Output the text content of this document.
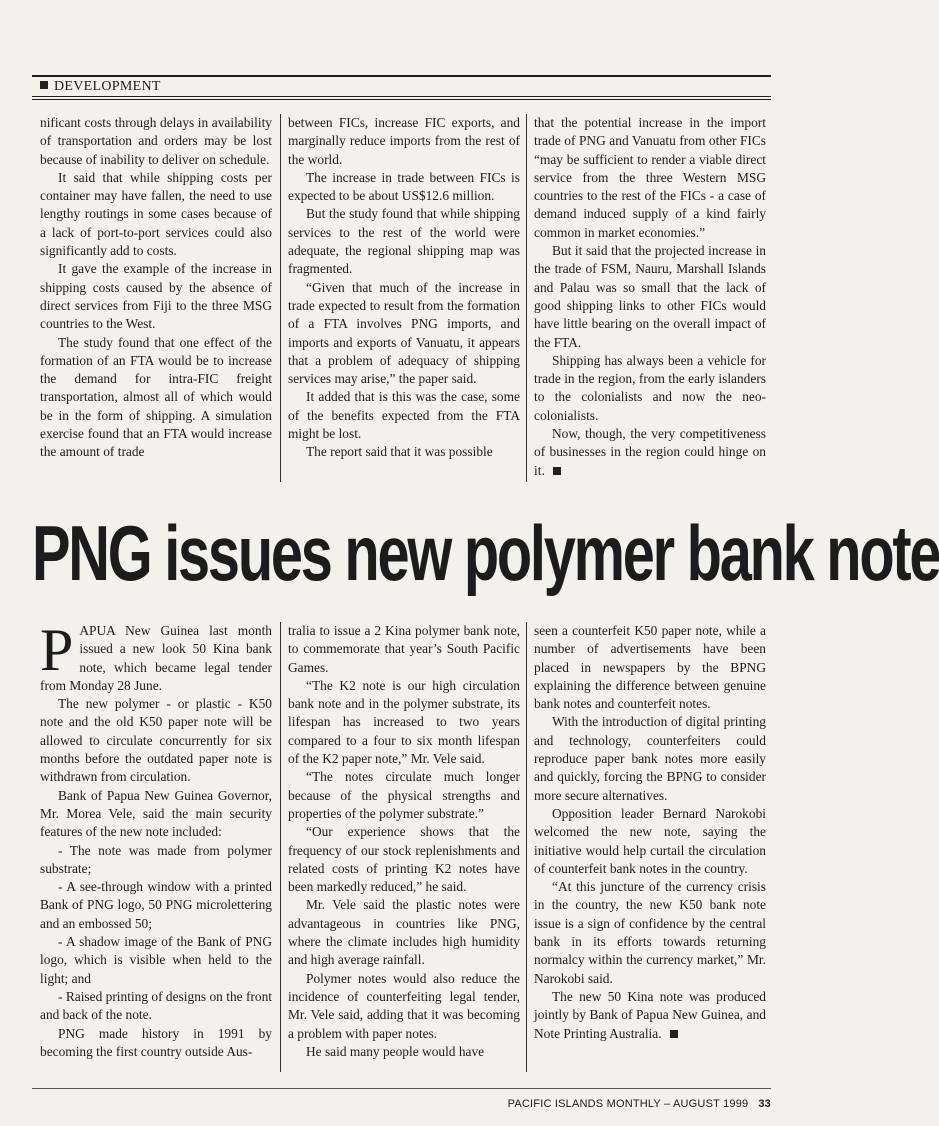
DEVELOPMENT

nificant costs through delays in availability of transportation and orders may be lost because of inability to deliver on schedule.

It said that while shipping costs per container may have fallen, the need to use lengthy routings in some cases because of a lack of port-to-port services could also significantly add to costs.

It gave the example of the increase in shipping costs caused by the absence of direct services from Fiji to the three MSG countries to the West.

The study found that one effect of the formation of an FTA would be to increase the demand for intra-FIC freight transportation, almost all of which would be in the form of shipping. A simulation exercise found that an FTA would increase the amount of trade

between FICs, increase FIC exports, and marginally reduce imports from the rest of the world.

The increase in trade between FICs is expected to be about US$12.6 million.

But the study found that while shipping services to the rest of the world were adequate, the regional shipping map was fragmented.

“Given that much of the increase in trade expected to result from the formation of a FTA involves PNG imports, and imports and exports of Vanuatu, it appears that a problem of adequacy of shipping services may arise,” the paper said.

It added that is this was the case, some of the benefits expected from the FTA might be lost.

The report said that it was possible

that the potential increase in the import trade of PNG and Vanuatu from other FICs “may be sufficient to render a viable direct service from the three Western MSG countries to the rest of the FICs - a case of demand induced supply of a kind fairly common in market economies.”

But it said that the projected increase in the trade of FSM, Nauru, Marshall Islands and Palau was so small that the lack of good shipping links to other FICs would have little bearing on the overall impact of the FTA.

Shipping has always been a vehicle for trade in the region, from the early islanders to the colonialists and now the neo-colonialists.

Now, though, the very competitiveness of businesses in the region could hinge on it.

PNG issues new polymer bank note

PAPUA New Guinea last month issued a new look 50 Kina bank note, which became legal tender from Monday 28 June.

The new polymer - or plastic - K50 note and the old K50 paper note will be allowed to circulate concurrently for six months before the outdated paper note is withdrawn from circulation.

Bank of Papua New Guinea Governor, Mr. Morea Vele, said the main security features of the new note included:

- The note was made from polymer substrate;

- A see-through window with a printed Bank of PNG logo, 50 PNG microlettering and an embossed 50;

- A shadow image of the Bank of PNG logo, which is visible when held to the light; and

- Raised printing of designs on the front and back of the note.

PNG made history in 1991 by becoming the first country outside Aus-

tralia to issue a 2 Kina polymer bank note, to commemorate that year’s South Pacific Games.

“The K2 note is our high circulation bank note and in the polymer substrate, its lifespan has increased to two years compared to a four to six month lifespan of the K2 paper note,” Mr. Vele said.

“The notes circulate much longer because of the physical strengths and properties of the polymer substrate.”

“Our experience shows that the frequency of our stock replenishments and related costs of printing K2 notes have been markedly reduced,” he said.

Mr. Vele said the plastic notes were advantageous in countries like PNG, where the climate includes high humidity and high average rainfall.

Polymer notes would also reduce the incidence of counterfeiting legal tender, Mr. Vele said, adding that it was becoming a problem with paper notes.

He said many people would have

seen a counterfeit K50 paper note, while a number of advertisements have been placed in newspapers by the BPNG explaining the difference between genuine bank notes and counterfeit notes.

With the introduction of digital printing and technology, counterfeiters could reproduce paper bank notes more easily and quickly, forcing the BPNG to consider more secure alternatives.

Opposition leader Bernard Narokobi welcomed the new note, saying the initiative would help curtail the circulation of counterfeit bank notes in the country.

“At this juncture of the currency crisis in the country, the new K50 bank note issue is a sign of confidence by the central bank in its efforts towards returning normalcy within the currency market,” Mr. Narokobi said.

The new 50 Kina note was produced jointly by Bank of Papua New Guinea, and Note Printing Australia.

PACIFIC ISLANDS MONTHLY – AUGUST 1999 33
